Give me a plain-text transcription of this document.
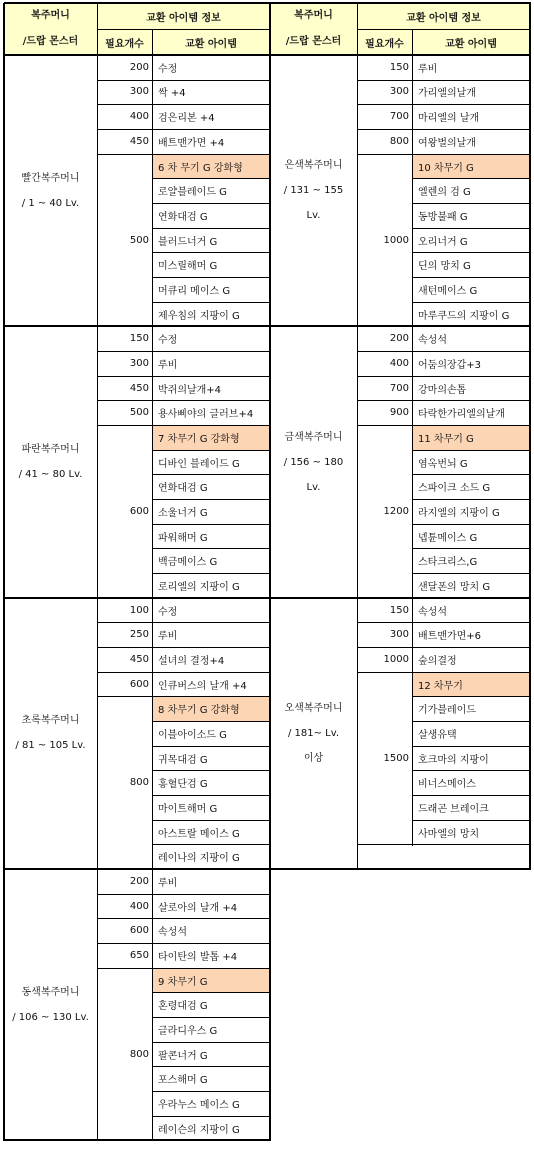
복주머니
/드랍 몬스터
교환 아이템 정보
필요개수	교환 아이템
복주머니
/드랍 몬스터
교환 아이템 정보
필요개수	교환 아이템
빨간복주머니
/ 1 ~ 40 Lv.
200
300
400
450
500
수정
싹 +4
검은리본 +4
배트맨가면 +4
6 차 무기 G 강화형
로얄블레이드 G
연화대검 G
블러드너거 G
미스릴해머 G
머큐리 메이스 G
제우침의 지팡이 G
파란복주머니
/ 41 ~ 80 Lv.
150
300
450
500
600
수정
루비
박쥐의날개+4
용사삐야의 글러브+4
7 차무기 G 강화형
디바인 블레이드 G
연화대검 G
소울너거 G
파워해머 G
백금메이스 G
로리엘의 지팡이 G
초록복주머니
/ 81 ~ 105 Lv.
100
250
450
600
800
수정
루비
설녀의 결정+4
인큐버스의 날개 +4
8 차무기 G 강화형
이블아이소드 G
귀목대검 G
홍혈단검 G
마이트해머 G
아스트랄 메이스 G
레이나의 지팡이 G
동색복주머니
/ 106 ~ 130 Lv.
200
400
600
650
800
루비
살로아의 날개 +4
속성석
타이탄의 발톱 +4
9 차무기 G
혼령대검 G
글라디우스 G
팔콘너거 G
포스해머 G
우라누스 메이스 G
레이슨의 지팡이 G
은색복주머니
/ 131 ~ 155
Lv.
150
300
700
800
1000
루비
가리엘의날개
마리엘의 날개
여왕벌의날개
10 차무기 G
엘렌의 검 G
동방불패 G
오리너거 G
딘의 망치 G
새턴메이스 G
마루쿠드의 지팡이 G
금색복주머니
/ 156 ~ 180
Lv.
200
400
700
900
1200
속성석
어둠의장갑+3
강마의손톱
타락한가리엘의날개
11 차무기 G
염옥번뇌 G
스파이크 소드 G
라지엘의 지팡이 G
넵튠메이스 G
스타크리스,G
샌달폰의 망치 G
오색복주머니
/ 181~ Lv.
이상
150
300
1000
1500
속성석
배트맨가면+6
숲의결정
12 차무기
기가블레이드
살생유택
호크마의 지팡이
비너스메이스
드래곤 브레이크
사마엘의 망치
